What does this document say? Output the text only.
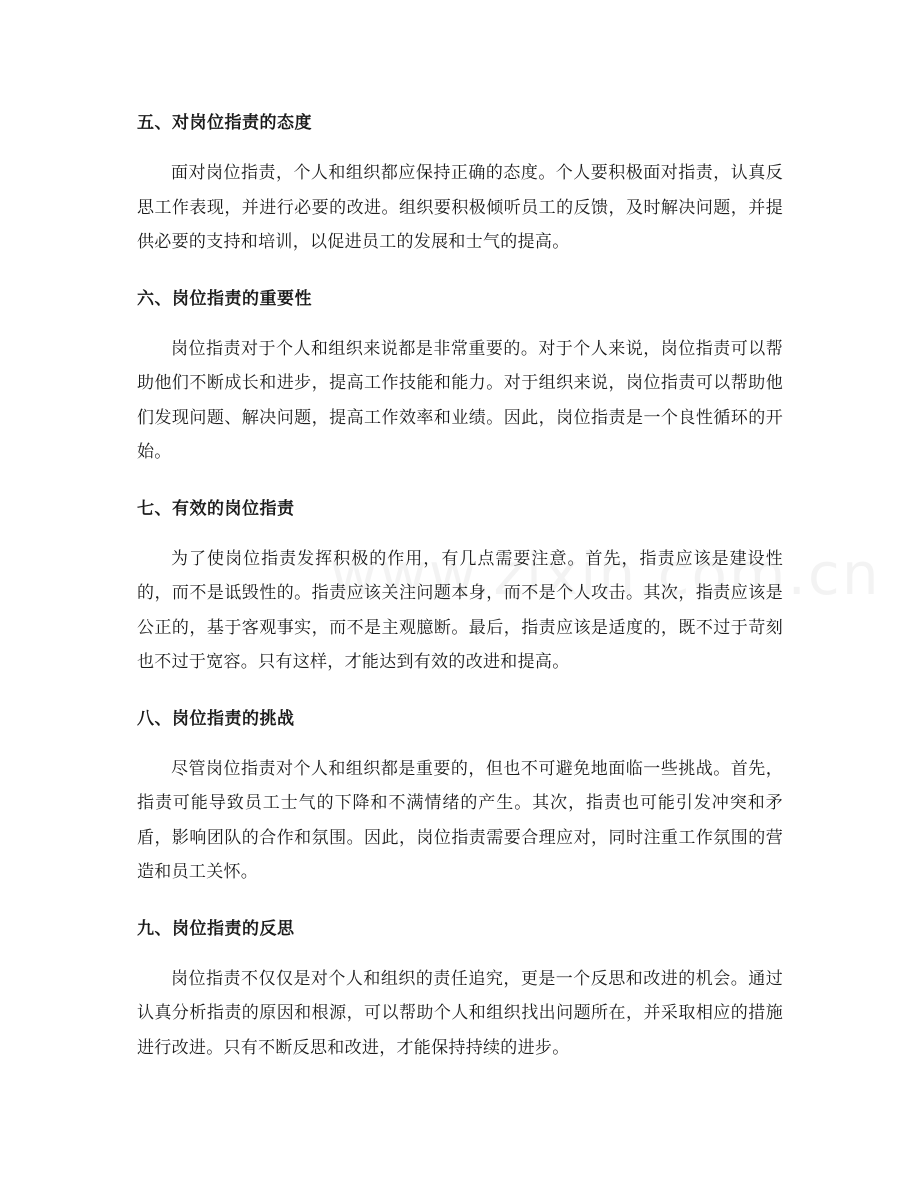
五、对岗位指责的态度

面对岗位指责，个人和组织都应保持正确的态度。个人要积极面对指责，认真反思工作表现，并进行必要的改进。组织要积极倾听员工的反馈，及时解决问题，并提供必要的支持和培训，以促进员工的发展和士气的提高。

六、岗位指责的重要性

岗位指责对于个人和组织来说都是非常重要的。对于个人来说，岗位指责可以帮助他们不断成长和进步，提高工作技能和能力。对于组织来说，岗位指责可以帮助他们发现问题、解决问题，提高工作效率和业绩。因此，岗位指责是一个良性循环的开始。

七、有效的岗位指责

为了使岗位指责发挥积极的作用，有几点需要注意。首先，指责应该是建设性的，而不是诋毁性的。指责应该关注问题本身，而不是个人攻击。其次，指责应该是公正的，基于客观事实，而不是主观臆断。最后，指责应该是适度的，既不过于苛刻也不过于宽容。只有这样，才能达到有效的改进和提高。

八、岗位指责的挑战

尽管岗位指责对个人和组织都是重要的，但也不可避免地面临一些挑战。首先，指责可能导致员工士气的下降和不满情绪的产生。其次，指责也可能引发冲突和矛盾，影响团队的合作和氛围。因此，岗位指责需要合理应对，同时注重工作氛围的营造和员工关怀。

九、岗位指责的反思

岗位指责不仅仅是对个人和组织的责任追究，更是一个反思和改进的机会。通过认真分析指责的原因和根源，可以帮助个人和组织找出问题所在，并采取相应的措施进行改进。只有不断反思和改进，才能保持持续的进步。
